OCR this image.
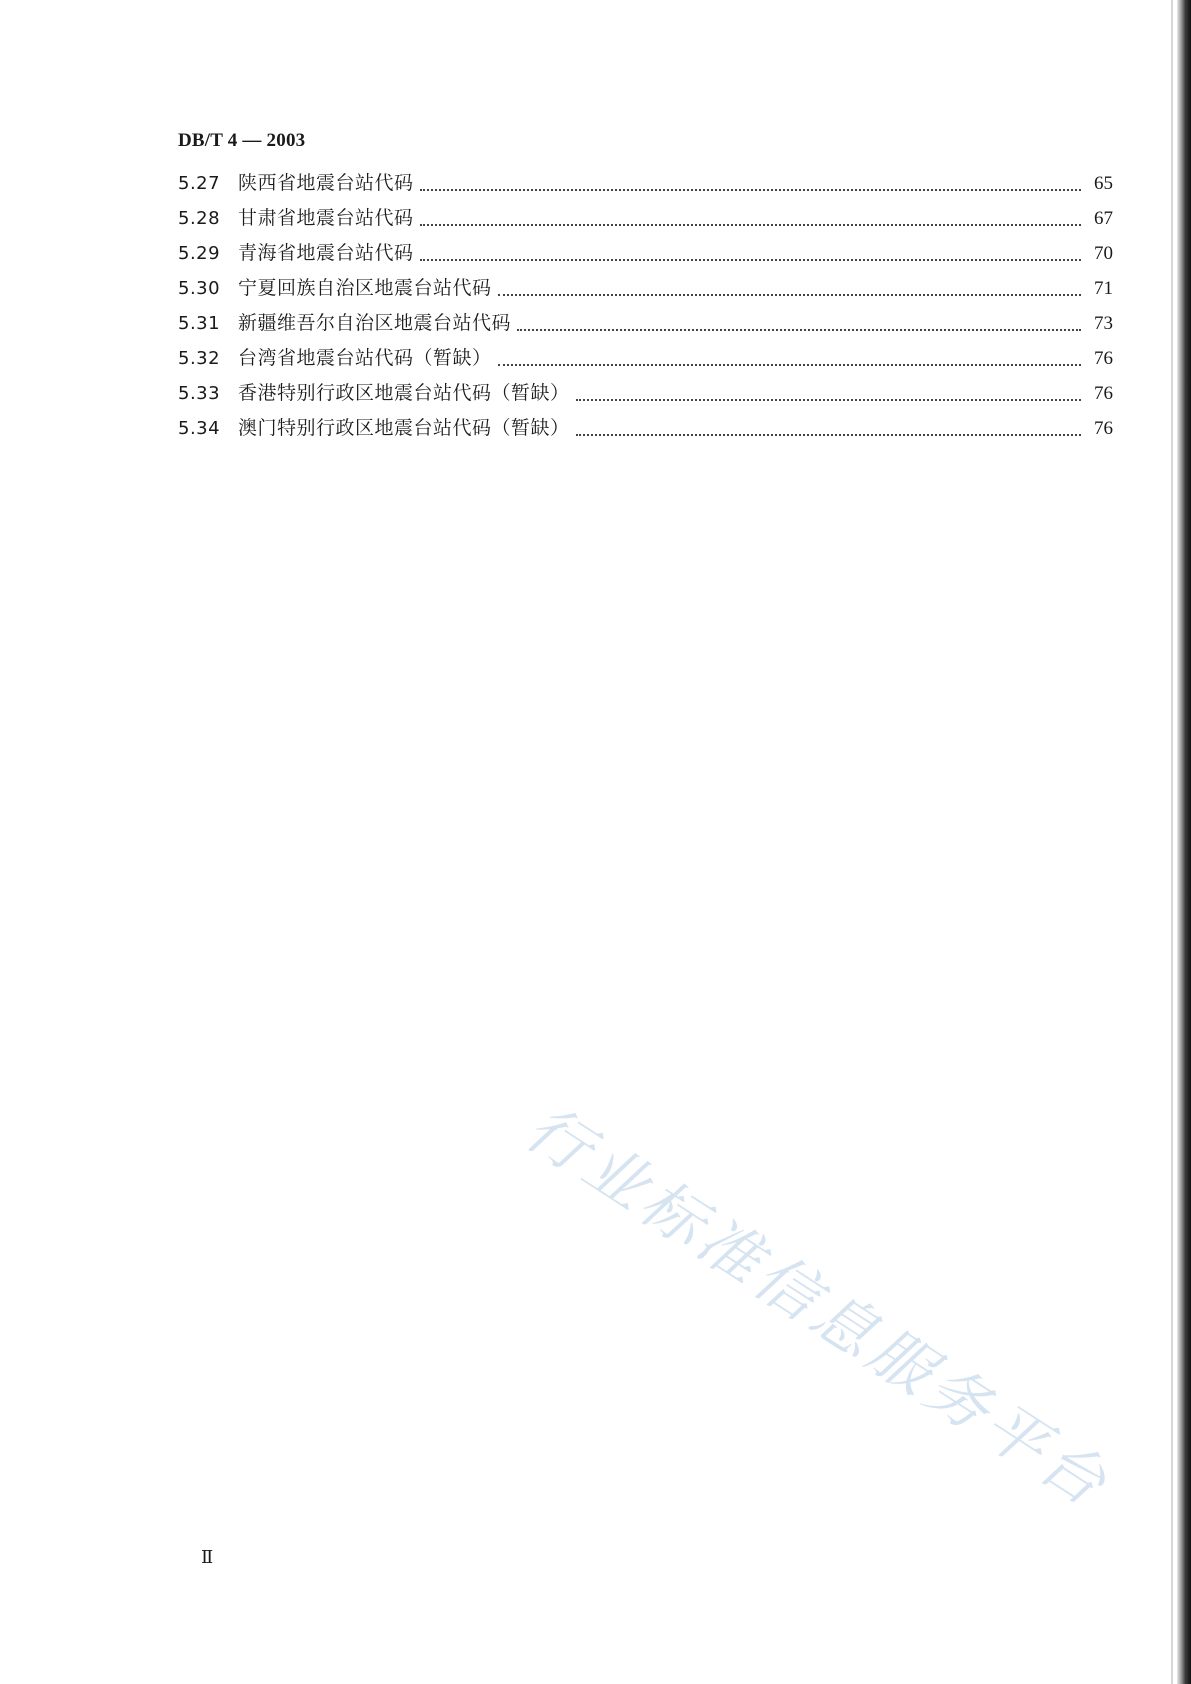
DB/T 4 — 2003
5.27 陕西省地震台站代码	65
5.28 甘肃省地震台站代码	67
5.29 青海省地震台站代码	70
5.30 宁夏回族自治区地震台站代码	71
5.31 新疆维吾尔自治区地震台站代码	73
5.32 台湾省地震台站代码（暂缺）	76
5.33 香港特别行政区地震台站代码（暂缺）	76
5.34 澳门特别行政区地震台站代码（暂缺）	76
行业标准信息服务平台
Ⅱ
